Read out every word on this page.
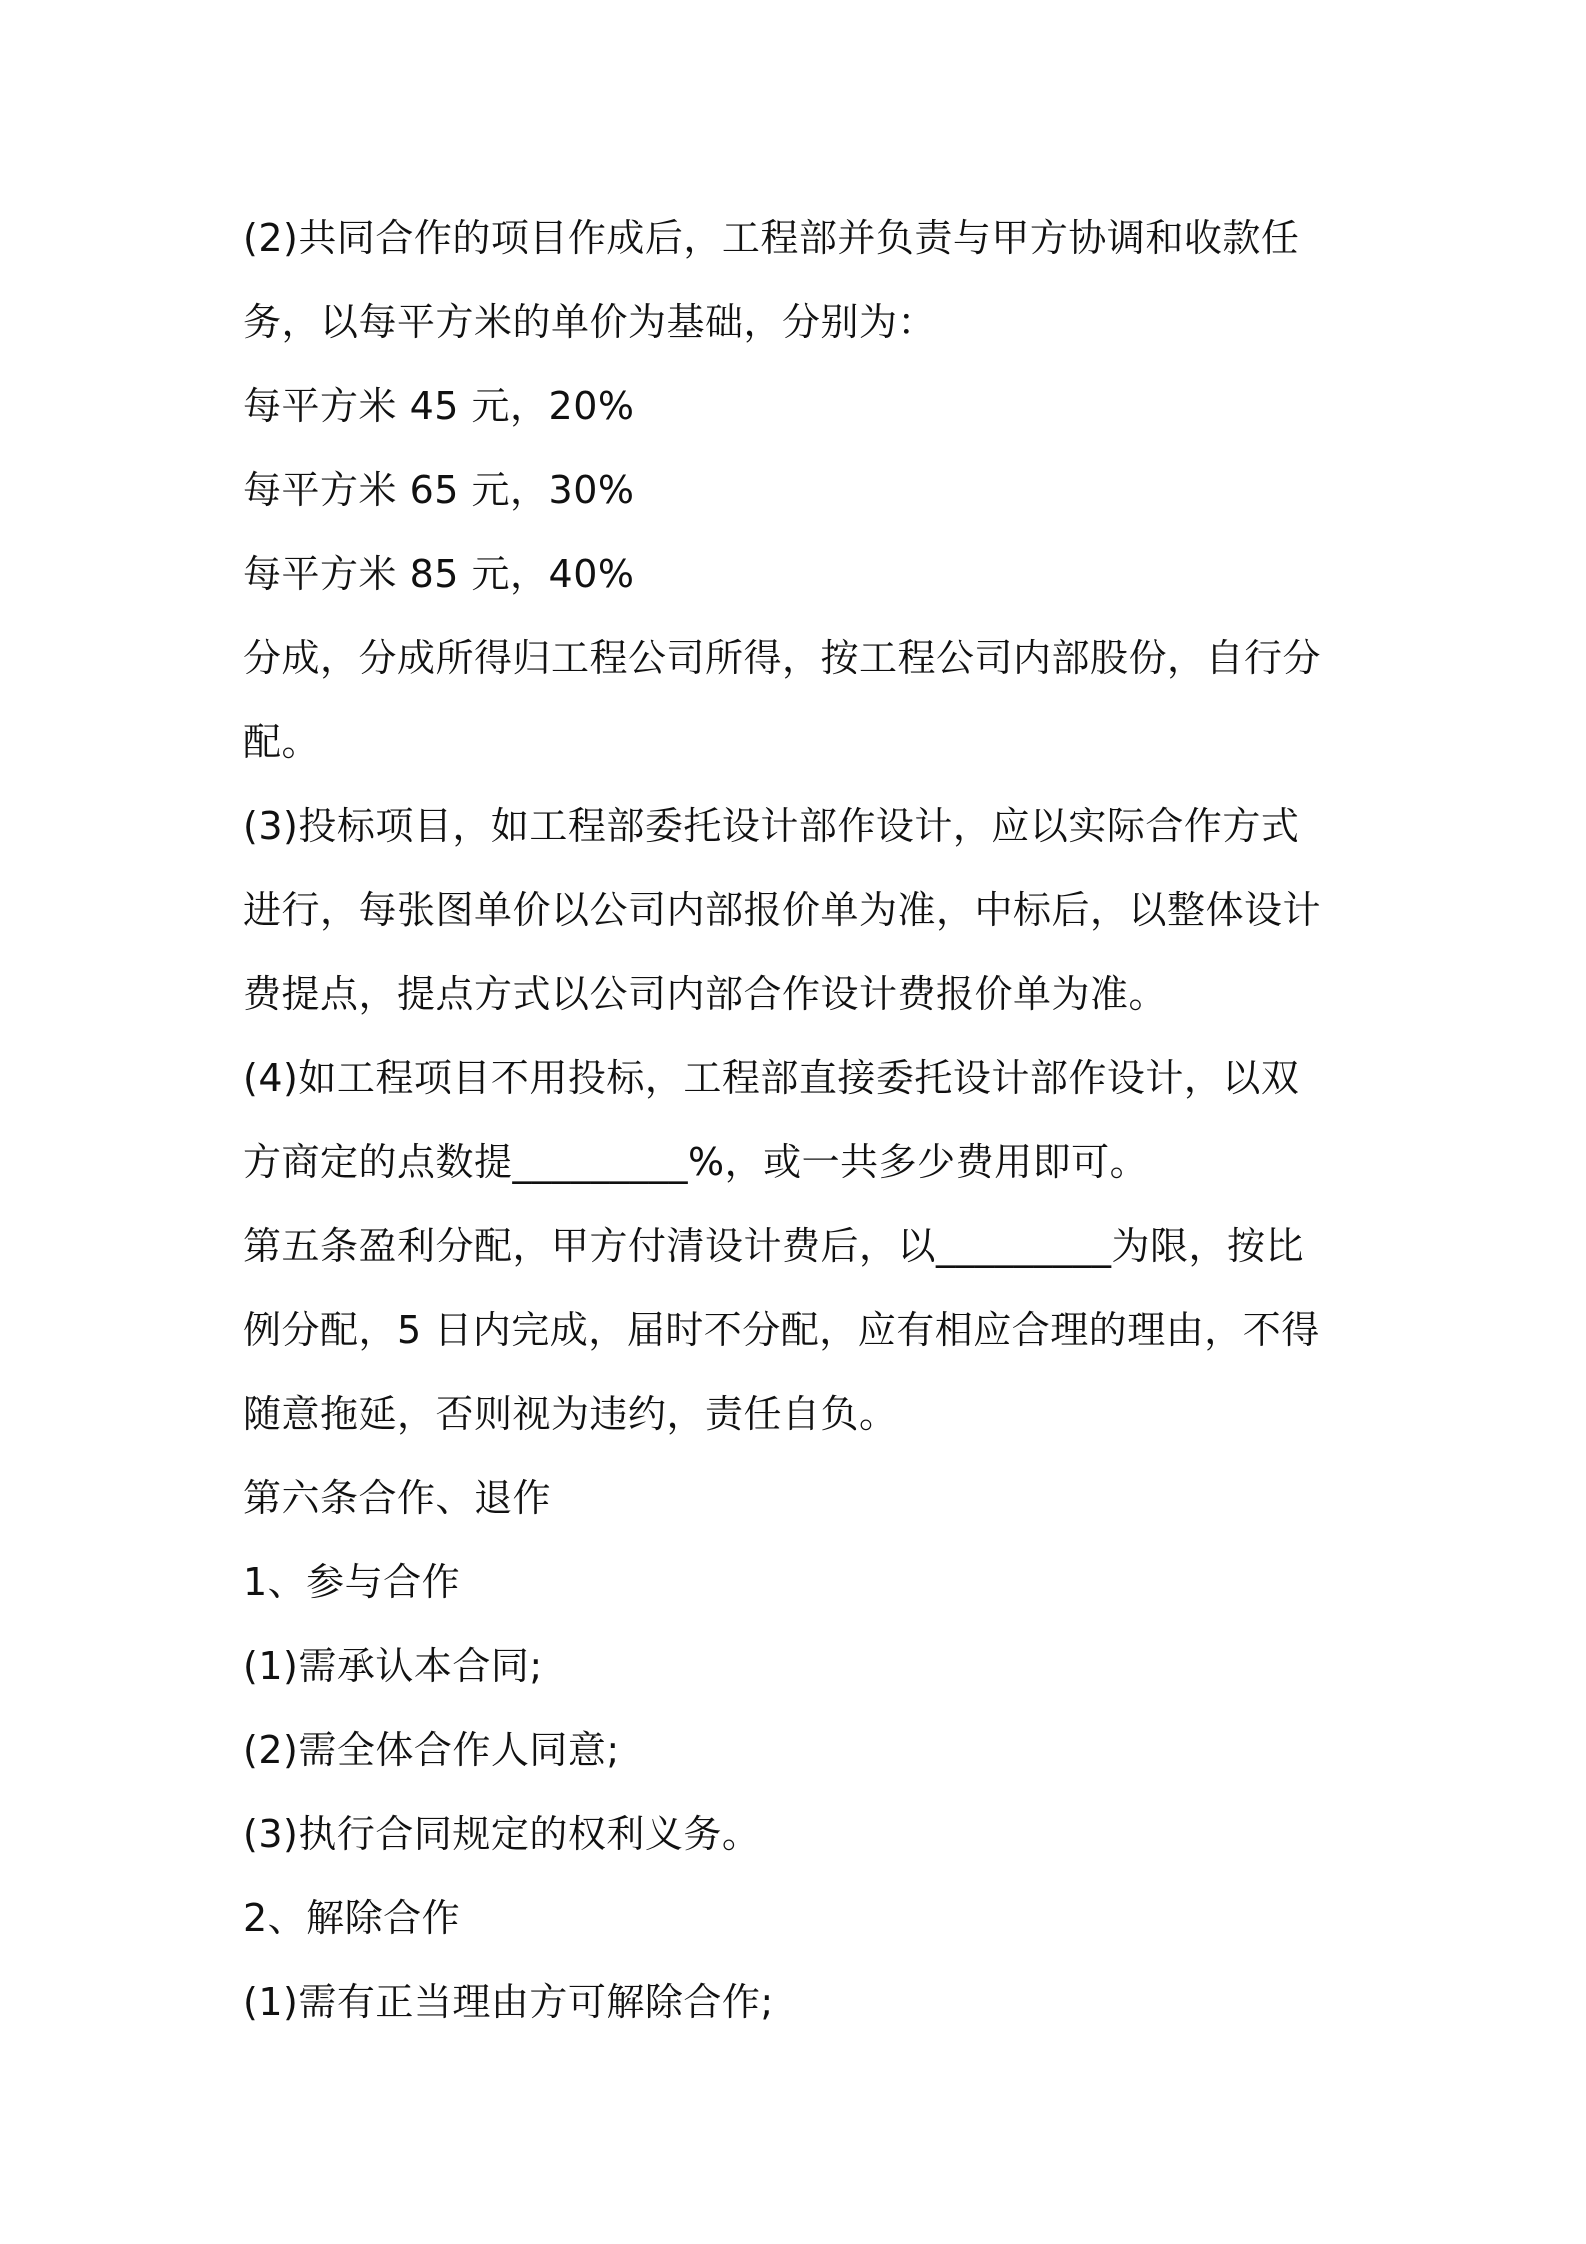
(2)共同合作的项目作成后，工程部并负责与甲方协调和收款任
务，以每平方米的单价为基础，分别为：
每平方米 45 元，20%
每平方米 65 元，30%
每平方米 85 元，40%
分成，分成所得归工程公司所得，按工程公司内部股份，自行分
配。
(3)投标项目，如工程部委托设计部作设计，应以实际合作方式
进行，每张图单价以公司内部报价单为准，中标后，以整体设计
费提点，提点方式以公司内部合作设计费报价单为准。
(4)如工程项目不用投标，工程部直接委托设计部作设计，以双
方商定的点数提_________%，或一共多少费用即可。
第五条盈利分配，甲方付清设计费后，以_________为限，按比
例分配，5 日内完成，届时不分配，应有相应合理的理由，不得
随意拖延，否则视为违约，责任自负。
第六条合作、退作
1、参与合作
(1)需承认本合同;
(2)需全体合作人同意;
(3)执行合同规定的权利义务。
2、解除合作
(1)需有正当理由方可解除合作;
